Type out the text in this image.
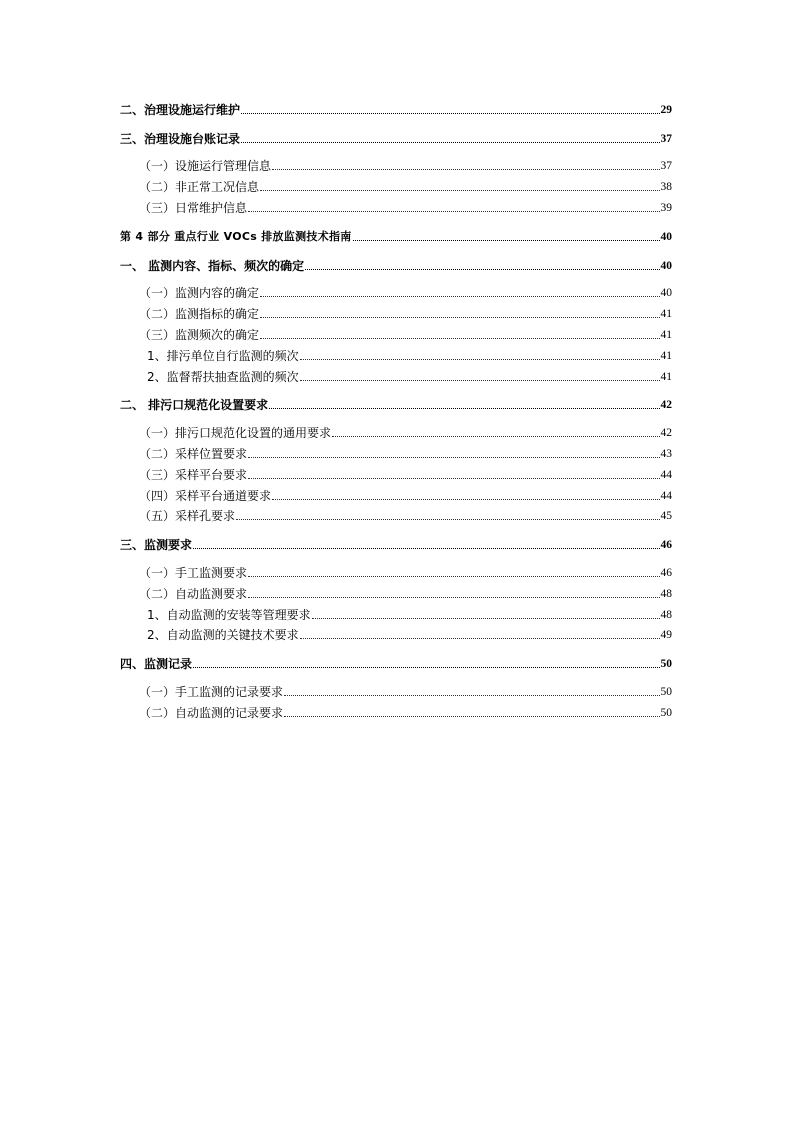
二、治理设施运行维护	29
三、治理设施台账记录	37
（一）设施运行管理信息	37
（二）非正常工况信息	38
（三）日常维护信息	39
第 4 部分 重点行业 VOCs 排放监测技术指南	40
一、 监测内容、指标、频次的确定	40
（一）监测内容的确定	40
（二）监测指标的确定	41
（三）监测频次的确定	41
1、排污单位自行监测的频次	41
2、监督帮扶抽查监测的频次	41
二、 排污口规范化设置要求	42
（一）排污口规范化设置的通用要求	42
（二）采样位置要求	43
（三）采样平台要求	44
（四）采样平台通道要求	44
（五）采样孔要求	45
三、监测要求	46
（一）手工监测要求	46
（二）自动监测要求	48
1、自动监测的安装等管理要求	48
2、自动监测的关键技术要求	49
四、监测记录	50
（一）手工监测的记录要求	50
（二）自动监测的记录要求	50
